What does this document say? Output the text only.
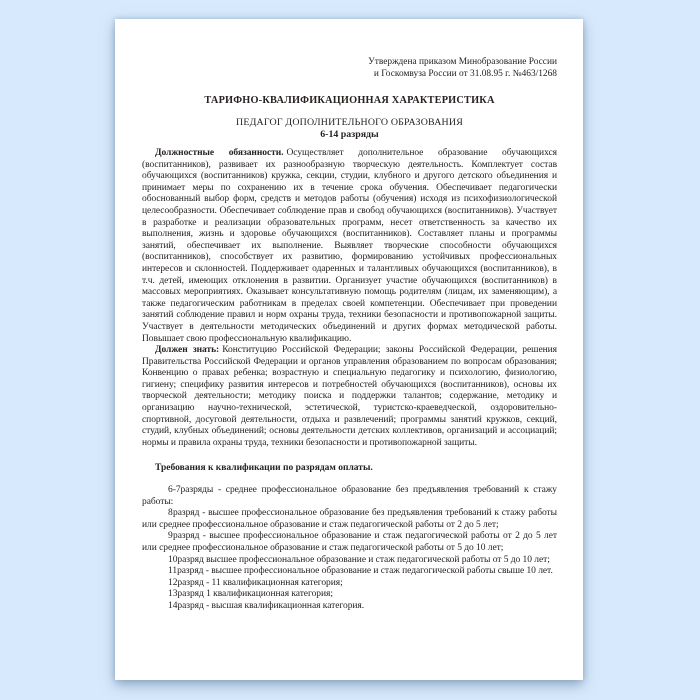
Утверждена приказом Минобразование России
и Госкомвуза России от 31.08.95 г. №463/1268
ТАРИФНО-КВАЛИФИКАЦИОННАЯ ХАРАКТЕРИСТИКА
ПЕДАГОГ ДОПОЛНИТЕЛЬНОГО ОБРАЗОВАНИЯ
6-14 разряды

Должностные обязанности. Осуществляет дополнительное образование обучающихся (воспитанников), развивает их разнообразную творческую деятельность. Комплектует состав обучающихся (воспитанников) кружка, секции, студии, клубного и другого детского объединения и принимает меры по сохранению их в течение срока обучения. Обеспечивает педагогически обоснованный выбор форм, средств и методов работы (обучения) исходя из психофизиологической целесообразности. Обеспечивает соблюдение прав и свобод обучающихся (воспитанников). Участвует в разработке и реализации образовательных программ, несет ответственность за качество их выполнения, жизнь и здоровье обучающихся (воспитанников). Составляет планы и программы занятий, обеспечивает их выполнение. Выявляет творческие способности обучающихся (воспитанников), способствует их развитию, формированию устойчивых профессиональных интересов и склонностей. Поддерживает одаренных и талантливых обучающихся (воспитанников), в т.ч. детей, имеющих отклонения в развитии. Организует участие обучающихся (воспитанников) в массовых мероприятиях. Оказывает консультативную помощь родителям (лицам, их заменяющим), а также педагогическим работникам в пределах своей компетенции. Обеспечивает при проведении занятий соблюдение правил и норм охраны труда, техники безопасности и противопожарной защиты. Участвует в деятельности методических объединений и других формах методической работы. Повышает свою профессиональную квалификацию.

Должен знать: Конституцию Российской Федерации; законы Российской Федерации, решения Правительства Российской Федерации и органов управления образованием по вопросам образования; Конвенцию о правах ребенка; возрастную и специальную педагогику и психологию, физиологию, гигиену; специфику развития интересов и потребностей обучающихся (воспитанников), основы их творческой деятельности; методику поиска и поддержки талантов; содержание, методику и организацию научно-технической, эстетической, туристско-краеведческой, оздоровительно-спортивной, досуговой деятельности, отдыха и развлечений; программы занятий кружков, секций, студий, клубных объединений; основы деятельности детских коллективов, организаций и ассоциаций; нормы и правила охраны труда, техники безопасности и противопожарной защиты.

Требования к квалификации по разрядам оплаты.

6-7разряды - среднее профессиональное образование без предъявления требований к стажу работы:

8разряд - высшее профессиональное образование без предъявления требований к стажу работы или среднее профессиональное образование и стаж педагогической работы от 2 до 5 лет;

9разряд - высшее профессиональное образование и стаж педагогической работы от 2 до 5 лет или среднее профессиональное образование и стаж педагогической работы от 5 до 10 лет;

10разряд высшее профессиональное образование и стаж педагогической работы от 5 до 10 лет;

11разряд - высшее профессиональное образование и стаж педагогической работы свыше 10 лет.

12разряд - 11 квалификационная категория;

13разряд 1 квалификационная категория;

14разряд - высшая квалификационная категория.
